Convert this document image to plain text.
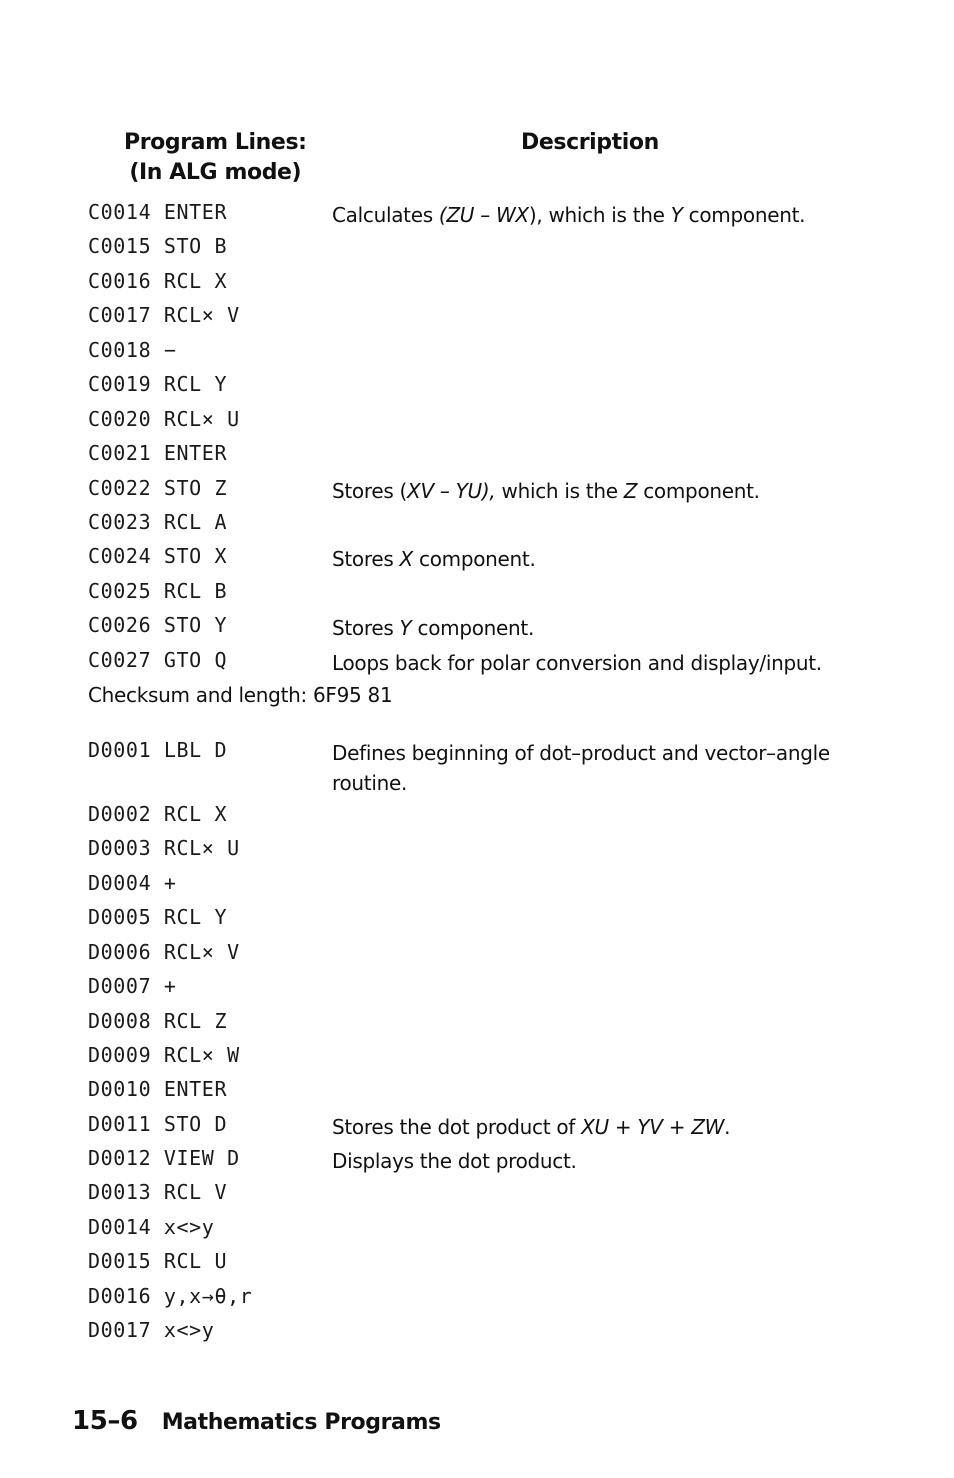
Program Lines:
(In ALG mode)
Description
C0014 ENTER	Calculates (ZU – WX), which is the Y component.
C0015 STO B
C0016 RCL X
C0017 RCL× V
C0018 −
C0019 RCL Y
C0020 RCL× U
C0021 ENTER
C0022 STO Z	Stores (XV – YU), which is the Z component.
C0023 RCL A
C0024 STO X	Stores X component.
C0025 RCL B
C0026 STO Y	Stores Y component.
C0027 GTO Q	Loops back for polar conversion and display/input.
Checksum and length: 6F95 81
D0001 LBL D	Defines beginning of dot–product and vector–angle routine.
D0002 RCL X
D0003 RCL× U
D0004 +
D0005 RCL Y
D0006 RCL× V
D0007 +
D0008 RCL Z
D0009 RCL× W
D0010 ENTER
D0011 STO D	Stores the dot product of XU + YV + ZW.
D0012 VIEW D	Displays the dot product.
D0013 RCL V
D0014 x<>y
D0015 RCL U
D0016 y,x→θ,r
D0017 x<>y
15–6 Mathematics Programs
